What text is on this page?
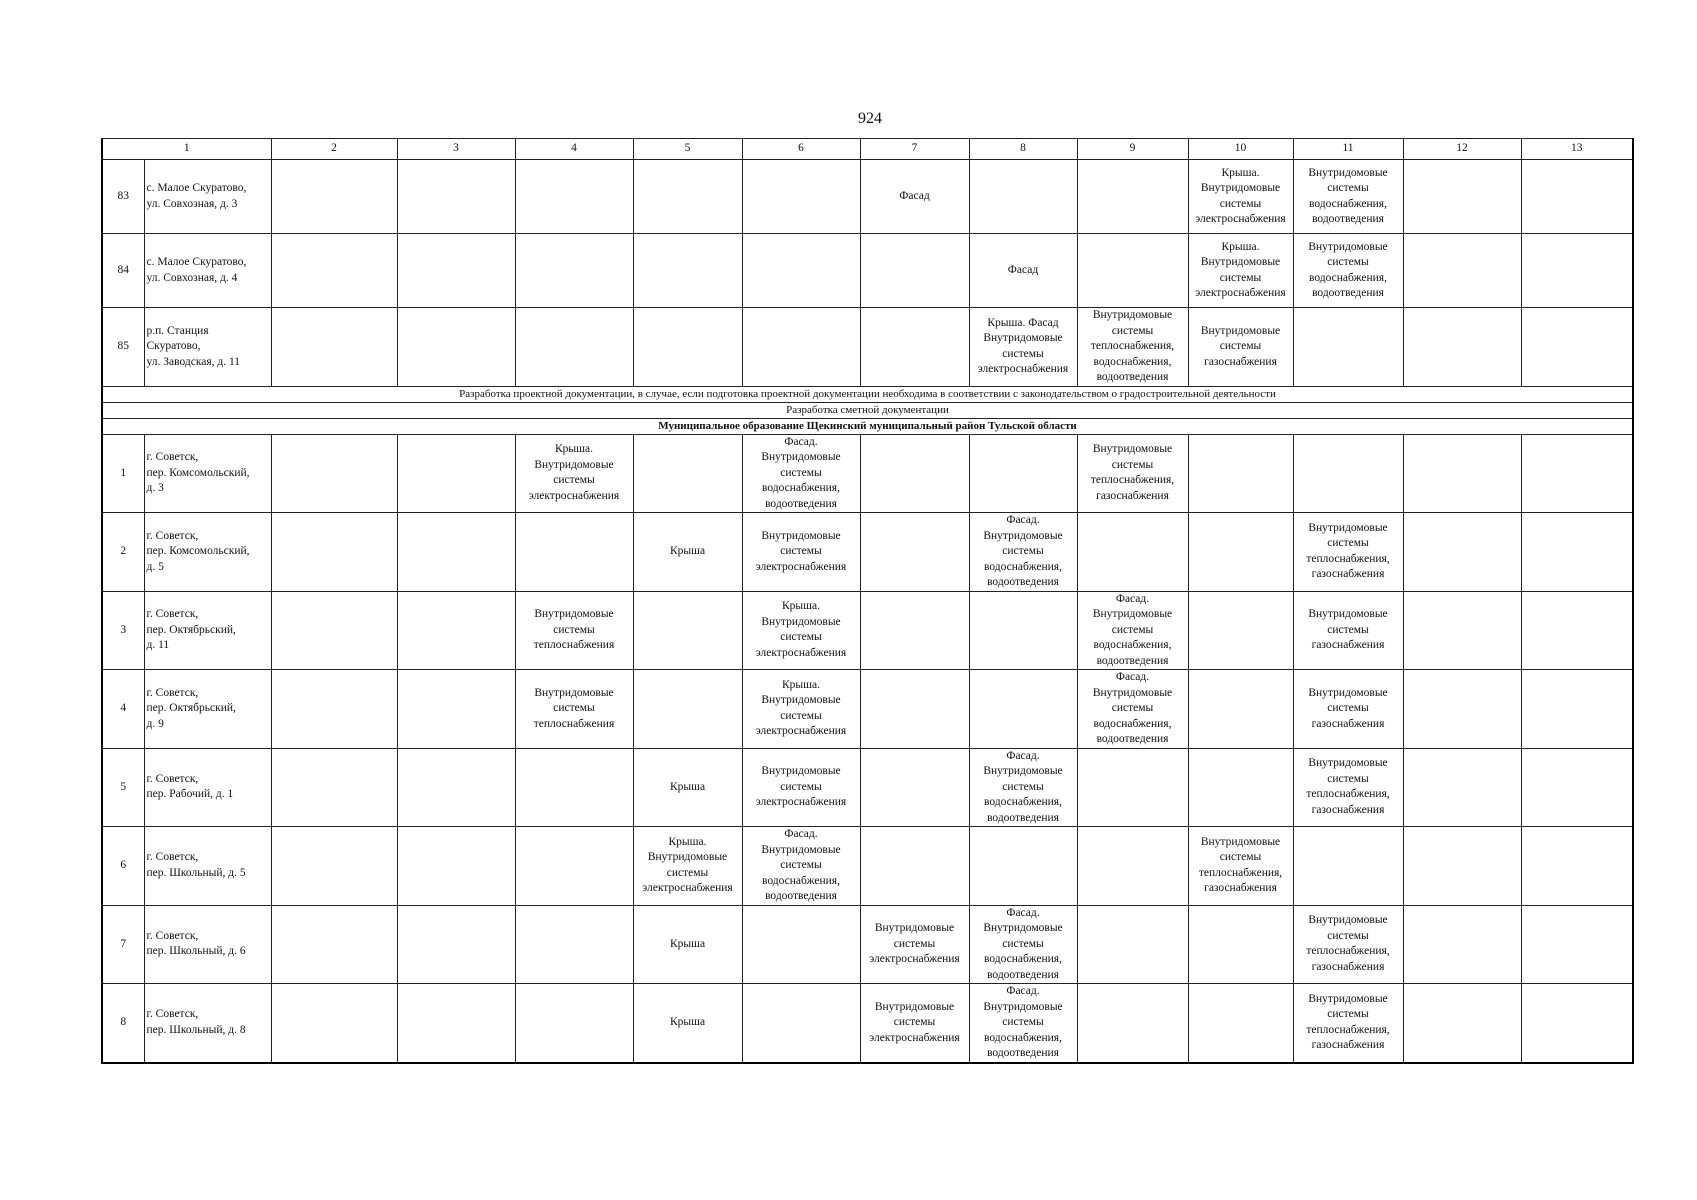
924
1		2	3	4	5	6	7	8	9	10	11	12	13
83	с. Малое Скуратово,
ул. Совхозная, д. 3						Фасад			Крыша.
Внутридомовые
системы
электроснабжения	Внутридомовые
системы
водоснабжения,
водоотведения		
84	с. Малое Скуратово,
ул. Совхозная, д. 4							Фасад		Крыша.
Внутридомовые
системы
электроснабжения	Внутридомовые
системы
водоснабжения,
водоотведения		
85	р.п. Станция
Скуратово,
ул. Заводская, д. 11							Крыша. Фасад
Внутридомовые
системы
электроснабжения	Внутридомовые
системы
теплоснабжения,
водоснабжения,
водоотведения	Внутридомовые
системы
газоснабжения			
Разработка проектной документации, в случае, если подготовка проектной документации необходима в соответствии с законодательством о градостроительной деятельности													
Разработка сметной документации													
Муниципальное образование Щекинский муниципальный район Тульской области													
1	г. Советск,
пер. Комсомольский,
д. 3			Крыша.
Внутридомовые
системы
электроснабжения		Фасад.
Внутридомовые
системы
водоснабжения,
водоотведения			Внутридомовые
системы
теплоснабжения,
газоснабжения				
2	г. Советск,
пер. Комсомольский,
д. 5				Крыша	Внутридомовые
системы
электроснабжения		Фасад.
Внутридомовые
системы
водоснабжения,
водоотведения			Внутридомовые
системы
теплоснабжения,
газоснабжения		
3	г. Советск,
пер. Октябрьский,
д. 11			Внутридомовые
системы
теплоснабжения		Крыша.
Внутридомовые
системы
электроснабжения			Фасад.
Внутридомовые
системы
водоснабжения,
водоотведения		Внутридомовые
системы
газоснабжения		
4	г. Советск,
пер. Октябрьский,
д. 9			Внутридомовые
системы
теплоснабжения		Крыша.
Внутридомовые
системы
электроснабжения			Фасад.
Внутридомовые
системы
водоснабжения,
водоотведения		Внутридомовые
системы
газоснабжения		
5	г. Советск,
пер. Рабочий, д. 1				Крыша	Внутридомовые
системы
электроснабжения		Фасад.
Внутридомовые
системы
водоснабжения,
водоотведения			Внутридомовые
системы
теплоснабжения,
газоснабжения		
6	г. Советск,
пер. Школьный, д. 5				Крыша.
Внутридомовые
системы
электроснабжения	Фасад.
Внутридомовые
системы
водоснабжения,
водоотведения				Внутридомовые
системы
теплоснабжения,
газоснабжения			
7	г. Советск,
пер. Школьный, д. 6				Крыша		Внутридомовые
системы
электроснабжения	Фасад.
Внутридомовые
системы
водоснабжения,
водоотведения			Внутридомовые
системы
теплоснабжения,
газоснабжения		
8	г. Советск,
пер. Школьный, д. 8				Крыша		Внутридомовые
системы
электроснабжения	Фасад.
Внутридомовые
системы
водоснабжения,
водоотведения			Внутридомовые
системы
теплоснабжения,
газоснабжения		
